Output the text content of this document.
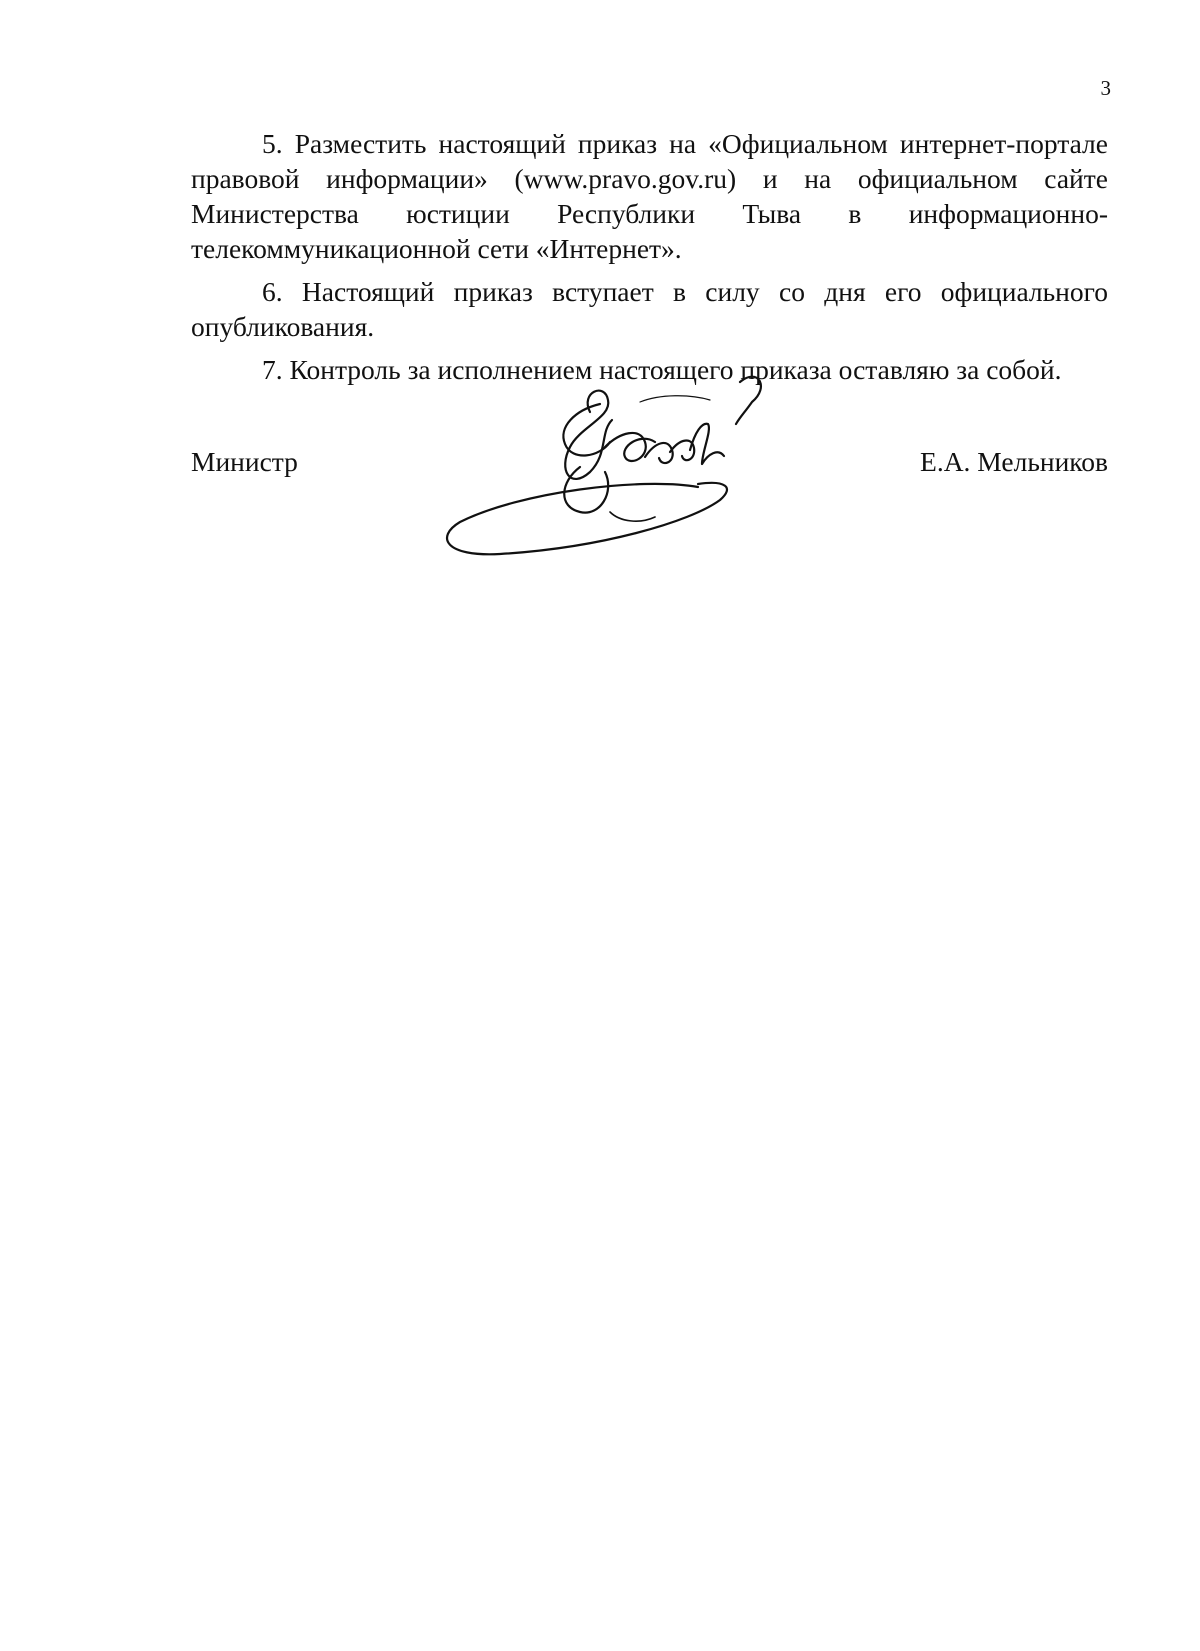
3

5. Разместить настоящий приказ на «Официальном интернет-портале правовой информации» (www.pravo.gov.ru) и на официальном сайте Министерства юстиции Республики Тыва в информационно-телекоммуникационной сети «Интернет».

6. Настоящий приказ вступает в силу со дня его официального опубликования.

7. Контроль за исполнением настоящего приказа оставляю за собой.

Министр	Е.А. Мельников
